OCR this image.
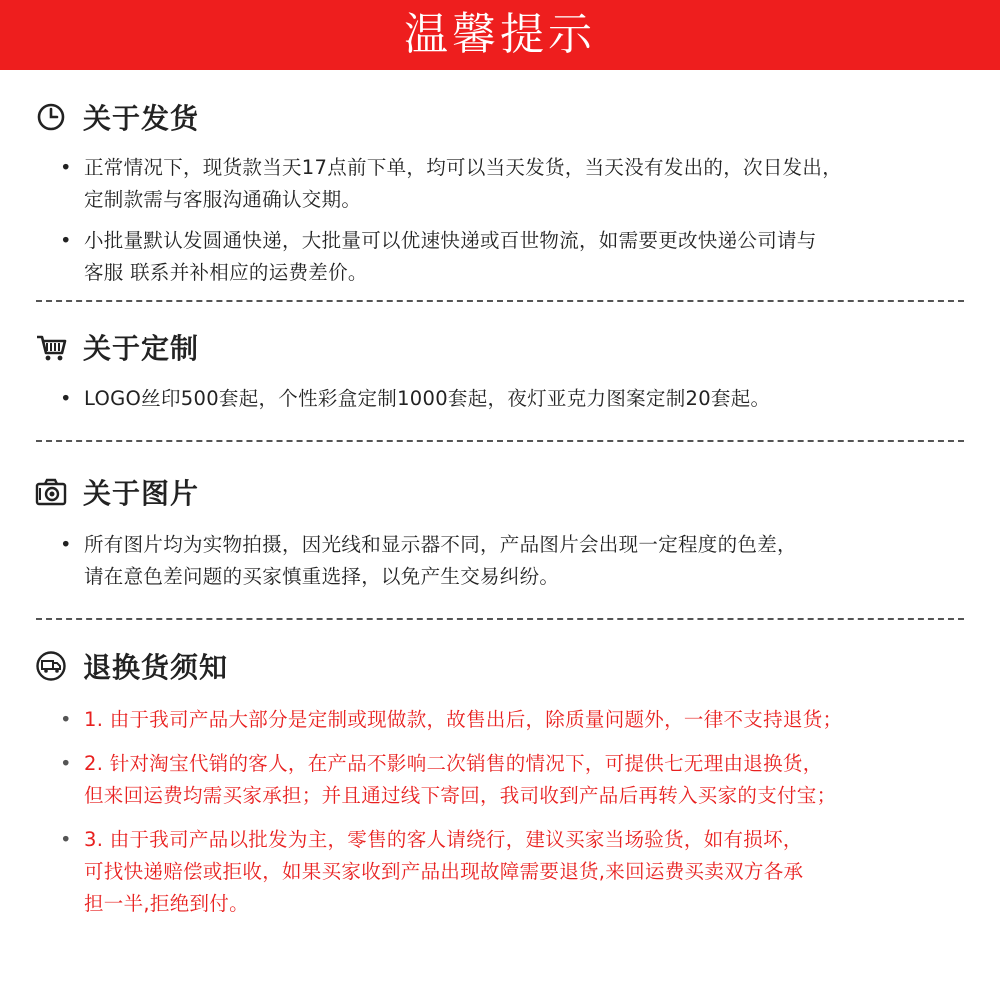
温馨提示
关于发货
• 正常情况下，现货款当天17点前下单，均可以当天发货，当天没有发出的，次日发出，
定制款需与客服沟通确认交期。
• 小批量默认发圆通快递，大批量可以优速快递或百世物流，如需要更改快递公司请与
客服 联系并补相应的运费差价。
关于定制
• LOGO丝印500套起，个性彩盒定制1000套起，夜灯亚克力图案定制20套起。
关于图片
• 所有图片均为实物拍摄，因光线和显示器不同，产品图片会出现一定程度的色差，
请在意色差问题的买家慎重选择，以免产生交易纠纷。
退换货须知
• 1. 由于我司产品大部分是定制或现做款，故售出后，除质量问题外，一律不支持退货；
• 2. 针对淘宝代销的客人，在产品不影响二次销售的情况下，可提供七无理由退换货，
但来回运费均需买家承担；并且通过线下寄回，我司收到产品后再转入买家的支付宝；
• 3. 由于我司产品以批发为主，零售的客人请绕行，建议买家当场验货，如有损坏，
可找快递赔偿或拒收，如果买家收到产品出现故障需要退货,来回运费买卖双方各承
担一半,拒绝到付。
